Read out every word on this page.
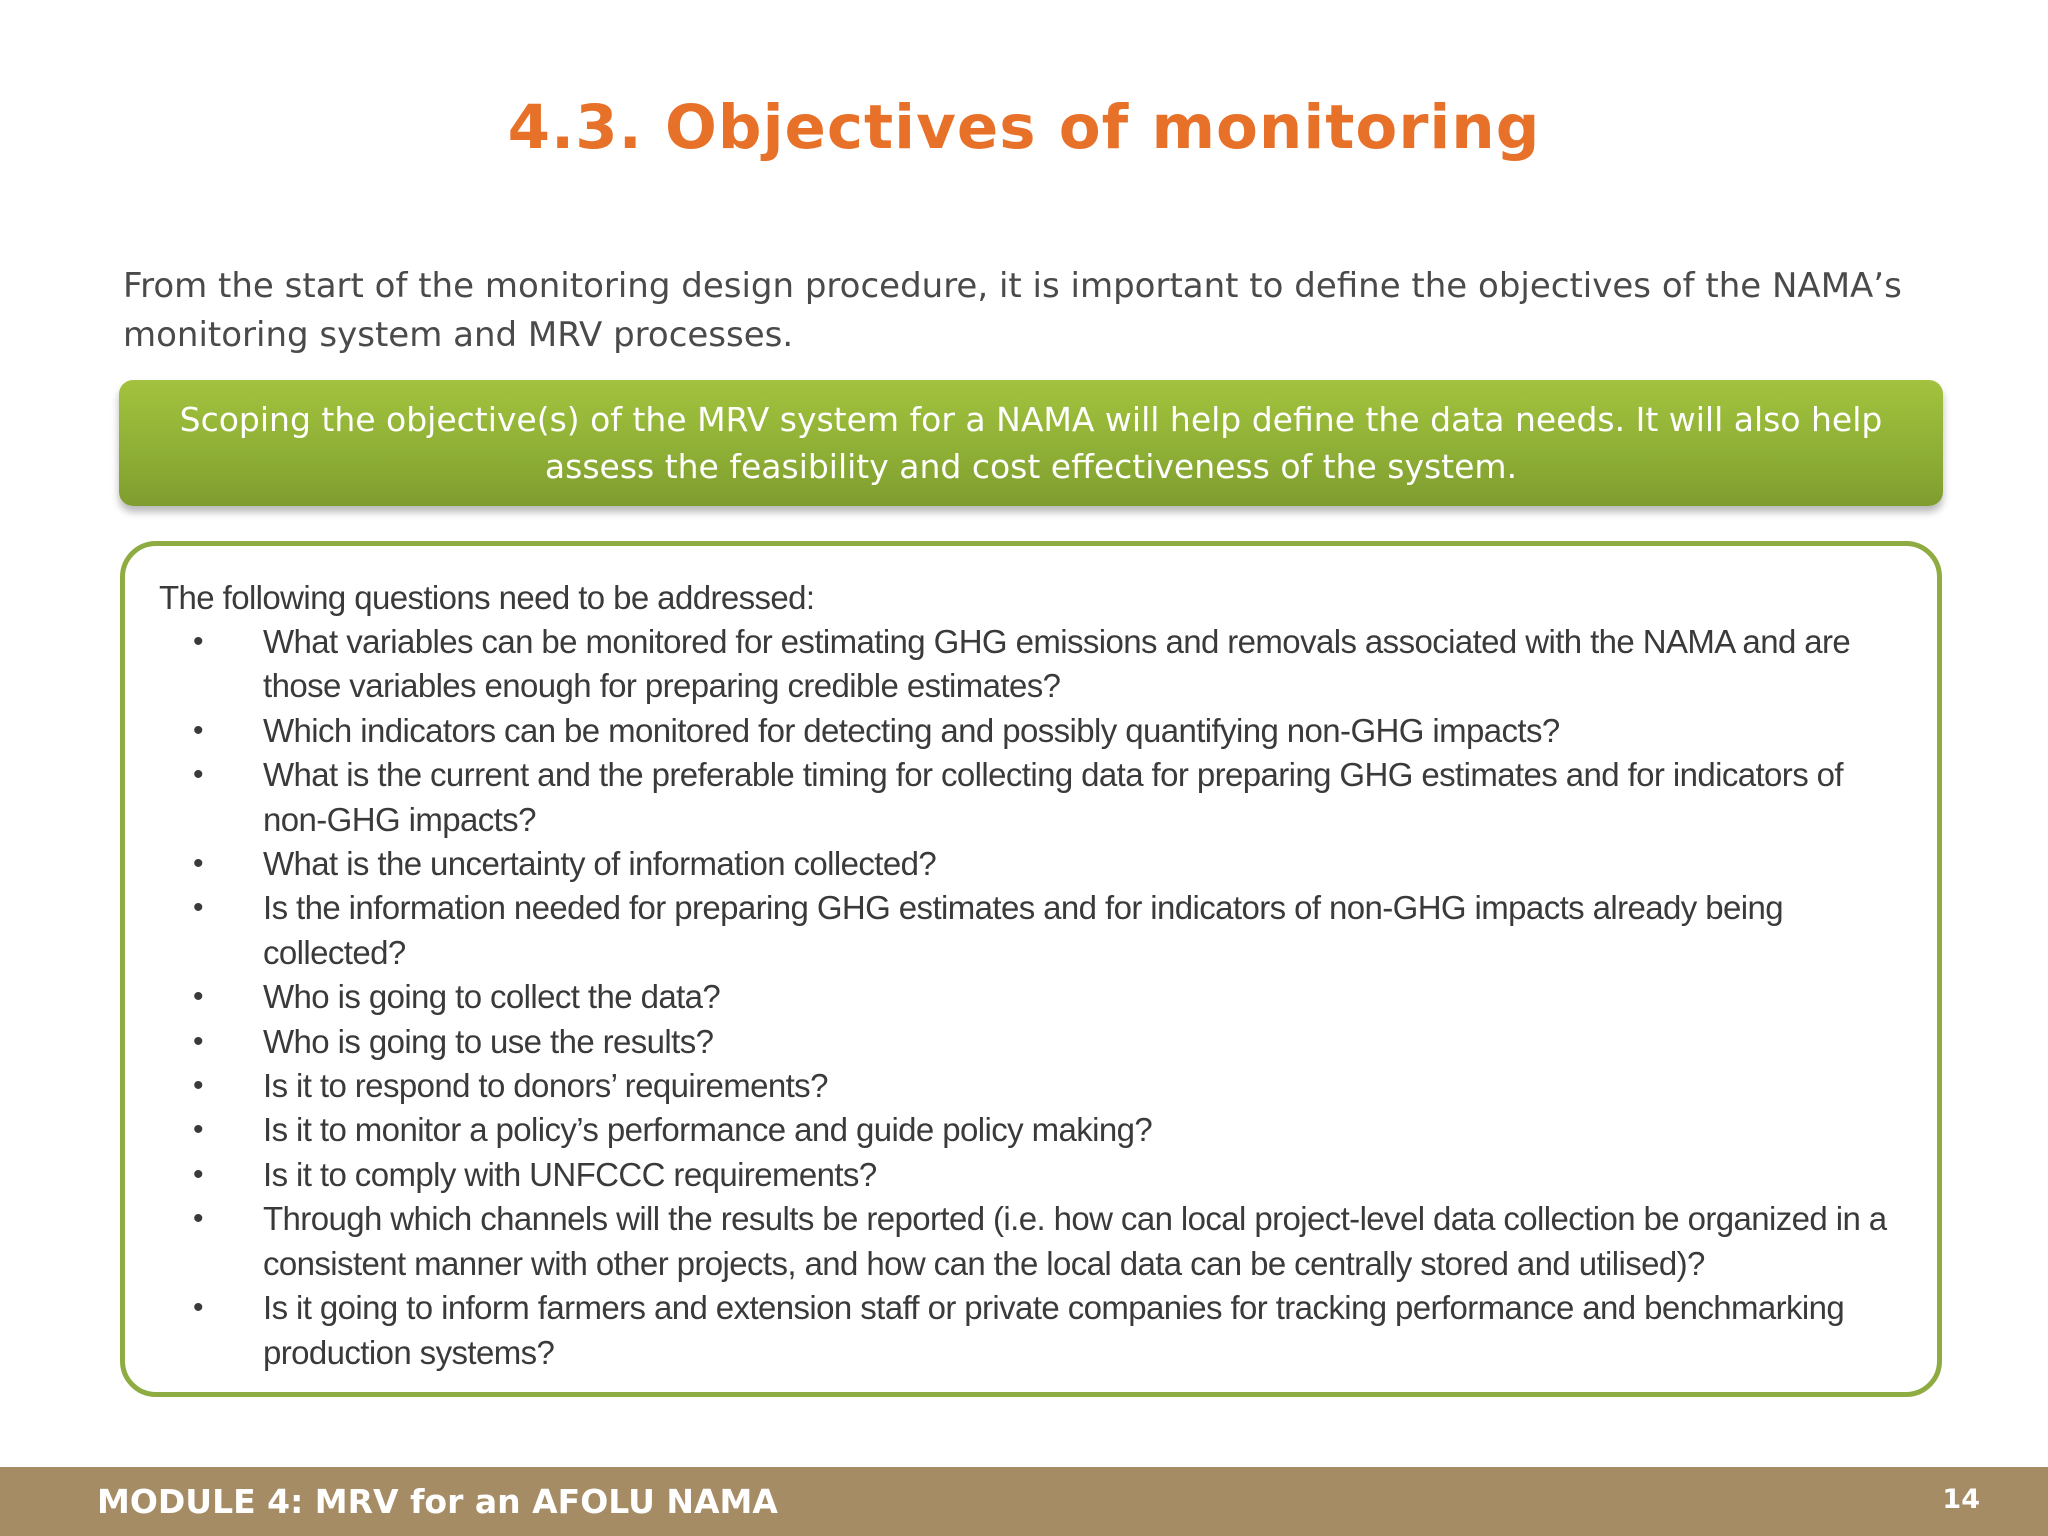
4.3. Objectives of monitoring
From the start of the monitoring design procedure, it is important to define the objectives of the NAMA’s
monitoring system and MRV processes.
Scoping the objective(s) of the MRV system for a NAMA will help define the data needs. It will also help
assess the feasibility and cost effectiveness of the system.
The following questions need to be addressed:
• What variables can be monitored for estimating GHG emissions and removals associated with the NAMA and are
those variables enough for preparing credible estimates?
• Which indicators can be monitored for detecting and possibly quantifying non-GHG impacts?
• What is the current and the preferable timing for collecting data for preparing GHG estimates and for indicators of
non-GHG impacts?
• What is the uncertainty of information collected?
• Is the information needed for preparing GHG estimates and for indicators of non-GHG impacts already being
collected?
• Who is going to collect the data?
• Who is going to use the results?
• Is it to respond to donors’ requirements?
• Is it to monitor a policy’s performance and guide policy making?
• Is it to comply with UNFCCC requirements?
• Through which channels will the results be reported (i.e. how can local project-level data collection be organized in a
consistent manner with other projects, and how can the local data can be centrally stored and utilised)?
• Is it going to inform farmers and extension staff or private companies for tracking performance and benchmarking
production systems?
MODULE 4: MRV for an AFOLU NAMA	14
